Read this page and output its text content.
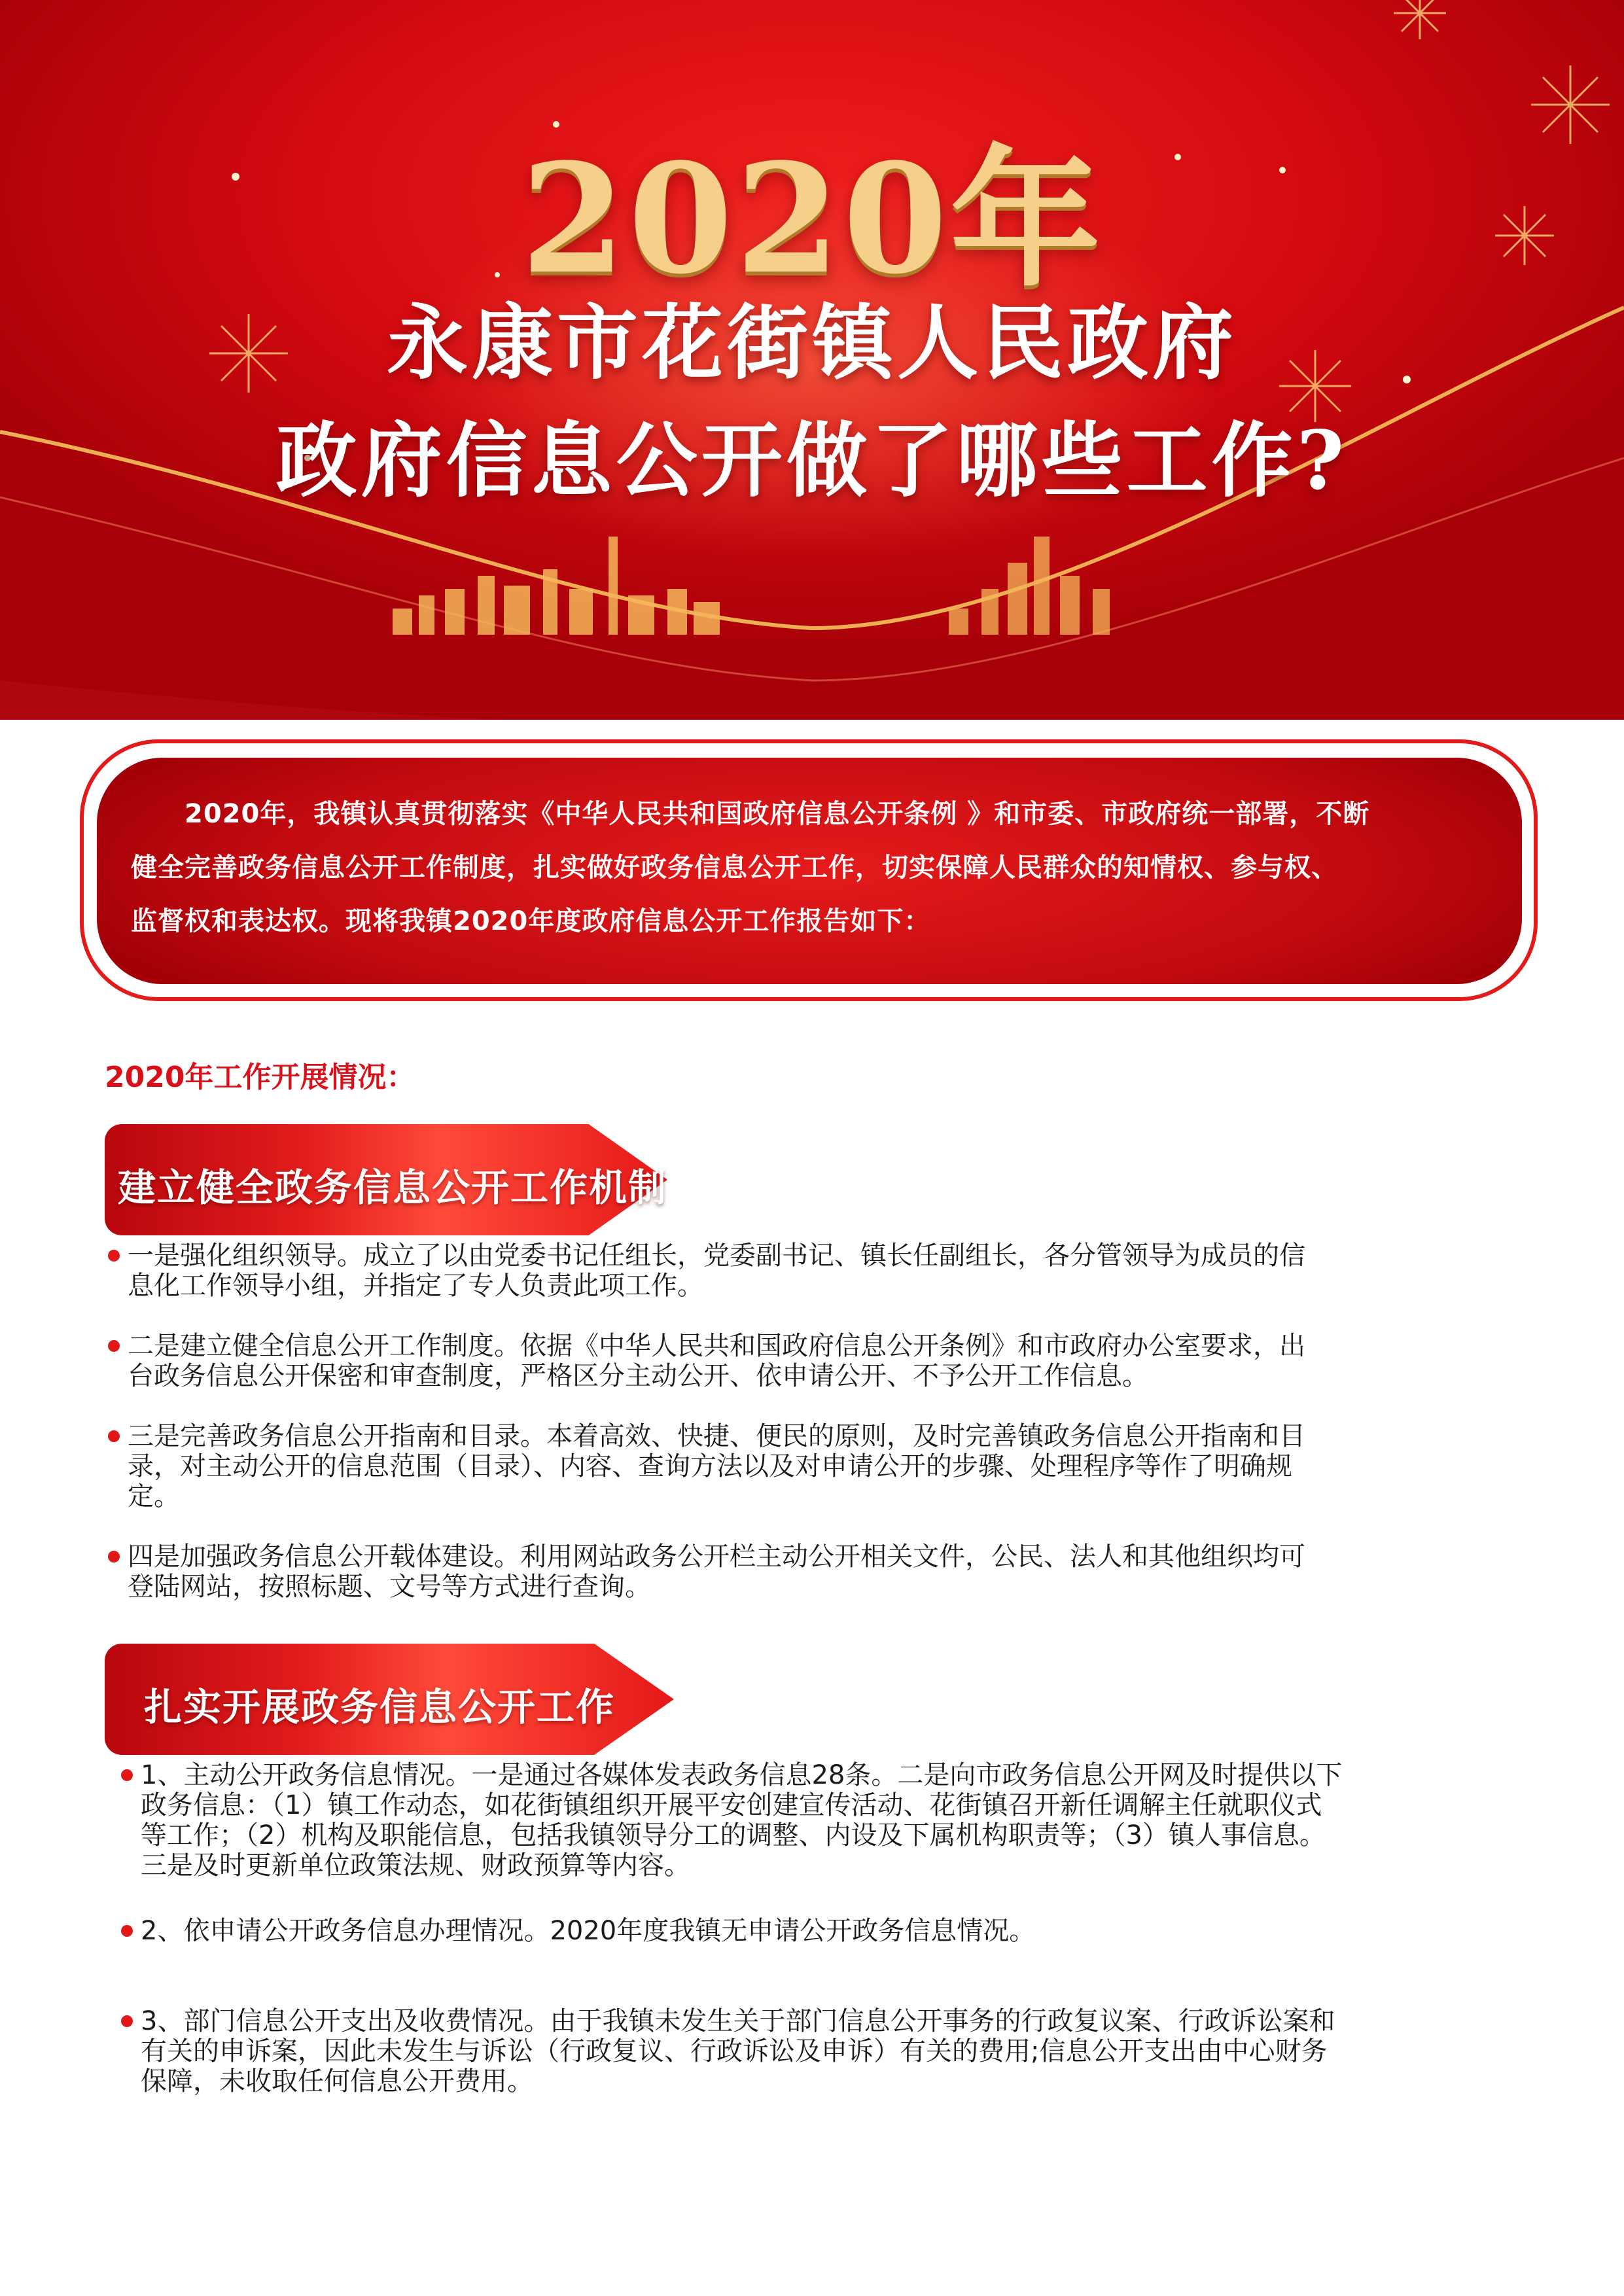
2020年
永康市花街镇人民政府
政府信息公开做了哪些工作?
　　2020年，我镇认真贯彻落实《中华人民共和国政府信息公开条例 》和市委、市政府统一部署，不断
健全完善政务信息公开工作制度，扎实做好政务信息公开工作，切实保障人民群众的知情权、参与权、
监督权和表达权。现将我镇2020年度政府信息公开工作报告如下：
2020年工作开展情况：
建立健全政务信息公开工作机制
一是强化组织领导。成立了以由党委书记任组长，党委副书记、镇长任副组长，各分管领导为成员的信
息化工作领导小组，并指定了专人负责此项工作。
二是建立健全信息公开工作制度。依据《中华人民共和国政府信息公开条例》和市政府办公室要求，出
台政务信息公开保密和审查制度，严格区分主动公开、依申请公开、不予公开工作信息。
三是完善政务信息公开指南和目录。本着高效、快捷、便民的原则，及时完善镇政务信息公开指南和目
录，对主动公开的信息范围（目录）、内容、查询方法以及对申请公开的步骤、处理程序等作了明确规
定。
四是加强政务信息公开载体建设。利用网站政务公开栏主动公开相关文件，公民、法人和其他组织均可
登陆网站，按照标题、文号等方式进行查询。
扎实开展政务信息公开工作
1、主动公开政务信息情况。一是通过各媒体发表政务信息28条。二是向市政务信息公开网及时提供以下
政务信息：（1）镇工作动态，如花街镇组织开展平安创建宣传活动、花街镇召开新任调解主任就职仪式
等工作；（2）机构及职能信息，包括我镇领导分工的调整、内设及下属机构职责等；（3）镇人事信息。
三是及时更新单位政策法规、财政预算等内容。
2、依申请公开政务信息办理情况。2020年度我镇无申请公开政务信息情况。
3、部门信息公开支出及收费情况。由于我镇未发生关于部门信息公开事务的行政复议案、行政诉讼案和
有关的申诉案，因此未发生与诉讼（行政复议、行政诉讼及申诉）有关的费用;信息公开支出由中心财务
保障，未收取任何信息公开费用。
